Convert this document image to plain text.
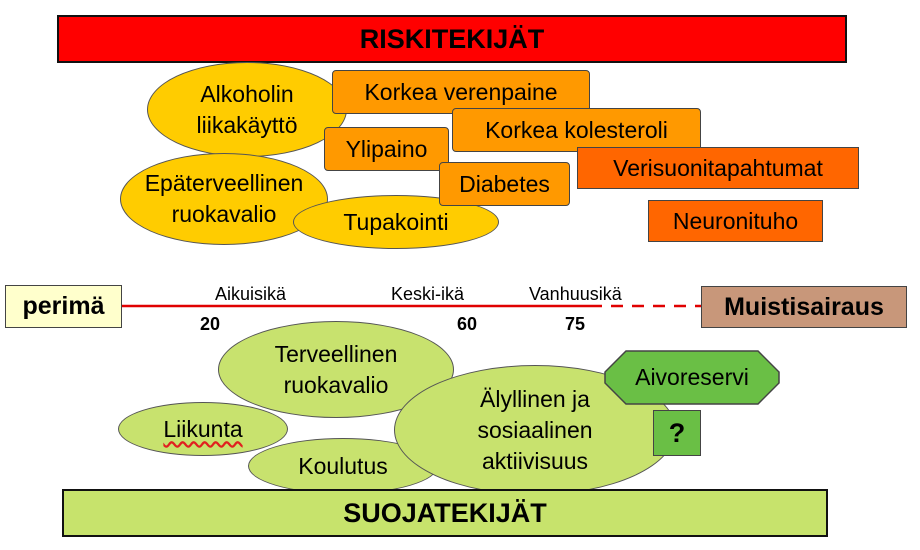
RISKITEKIJÄT
Alkoholin
liikakäyttö
Epäterveellinen
ruokavalio	Tupakointi
Korkea verenpaine
Ylipaino
Korkea kolesteroli
Diabetes
Verisuonitapahtumat
Neuronituho
perimä	Muistisairaus
Aikuisikä	Keski-ikä	Vanhuusikä
20	60	75
Terveellinen
ruokavalio
Liikunta
Koulutus
Älyllinen ja
sosiaalinen
aktiivisuus
Aivoreservi
?
SUOJATEKIJÄT
